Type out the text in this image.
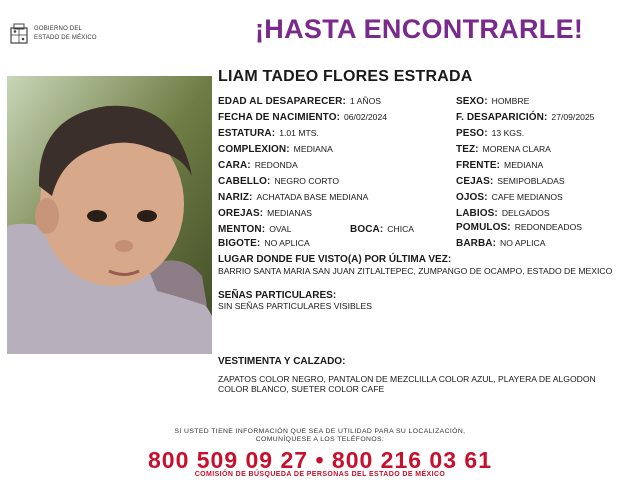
GOBIERNO DEL
ESTADO DE MÉXICO	¡HASTA ENCONTRARLE!
LIAM TADEO FLORES ESTRADA
EDAD AL DESAPARECER: 1 AÑOS
FECHA DE NACIMIENTO: 06/02/2024
ESTATURA: 1.01 MTS.
COMPLEXION: MEDIANA
CARA: REDONDA
CABELLO: NEGRO CORTO
NARIZ: ACHATADA BASE MEDIANA
OREJAS: MEDIANAS
MENTON: OVAL	BOCA: CHICA
BIGOTE: NO APLICA
SEXO: HOMBRE
F. DESAPARICIÓN: 27/09/2025
PESO: 13 KGS.
TEZ: MORENA CLARA
FRENTE: MEDIANA
CEJAS: SEMIPOBLADAS
OJOS: CAFE MEDIANOS
LABIOS: DELGADOS
POMULOS: REDONDEADOS
BARBA: NO APLICA
LUGAR DONDE FUE VISTO(A) POR ÚLTIMA VEZ:
BARRIO SANTA MARIA SAN JUAN ZITLALTEPEC, ZUMPANGO DE OCAMPO, ESTADO DE MEXICO
SEÑAS PARTICULARES:
SIN SEÑAS PARTICULARES VISIBLES
VESTIMENTA Y CALZADO:
ZAPATOS COLOR NEGRO, PANTALON DE MEZCLILLA COLOR AZUL, PLAYERA DE ALGODON COLOR BLANCO, SUETER COLOR CAFE
SI USTED TIENE INFORMACIÓN QUE SEA DE UTILIDAD PARA SU LOCALIZACIÓN,
COMUNÍQUESE A LOS TELÉFONOS:
800 509 09 27 • 800 216 03 61
COMISIÓN DE BÚSQUEDA DE PERSONAS DEL ESTADO DE MÉXICO
